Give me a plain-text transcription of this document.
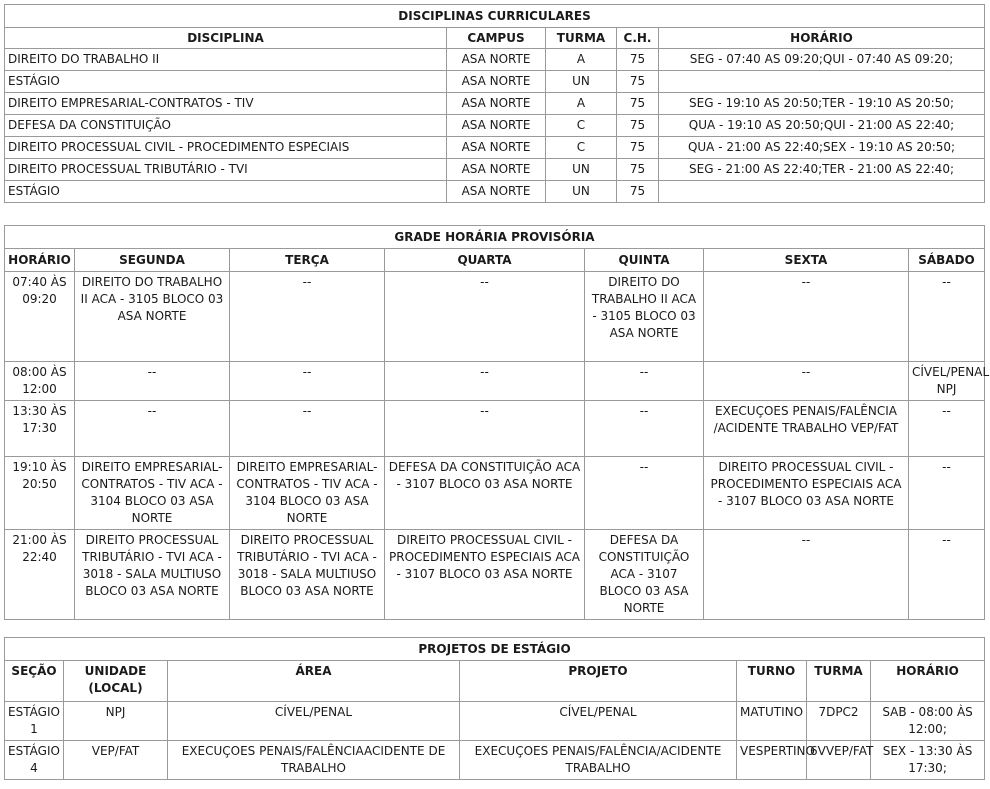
DISCIPLINAS CURRICULARES				
DISCIPLINA	CAMPUS	TURMA	C.H.	HORÁRIO
DIREITO DO TRABALHO II	ASA NORTE	A	75	SEG - 07:40 AS 09:20;QUI - 07:40 AS 09:20;
ESTÁGIO	ASA NORTE	UN	75	
DIREITO EMPRESARIAL-CONTRATOS - TIV	ASA NORTE	A	75	SEG - 19:10 AS 20:50;TER - 19:10 AS 20:50;
DEFESA DA CONSTITUIÇÃO	ASA NORTE	C	75	QUA - 19:10 AS 20:50;QUI - 21:00 AS 22:40;
DIREITO PROCESSUAL CIVIL - PROCEDIMENTO ESPECIAIS	ASA NORTE	C	75	QUA - 21:00 AS 22:40;SEX - 19:10 AS 20:50;
DIREITO PROCESSUAL TRIBUTÁRIO - TVI	ASA NORTE	UN	75	SEG - 21:00 AS 22:40;TER - 21:00 AS 22:40;
ESTÁGIO	ASA NORTE	UN	75	
GRADE HORÁRIA PROVISÓRIA						
HORÁRIO	SEGUNDA	TERÇA	QUARTA	QUINTA	SEXTA	SÁBADO
07:40 ÀS 09:20	DIREITO DO TRABALHO II ACA - 3105 BLOCO 03 ASA NORTE	--	--	DIREITO DO TRABALHO II ACA - 3105 BLOCO 03 ASA NORTE	--	--
08:00 ÀS 12:00	--	--	--	--	--	CÍVEL/PENAL NPJ
13:30 ÀS 17:30	--	--	--	--	EXECUÇOES PENAIS/FALÊNCIA /ACIDENTE TRABALHO VEP/FAT	--
19:10 ÀS 20:50	DIREITO EMPRESARIAL-CONTRATOS - TIV ACA - 3104 BLOCO 03 ASA NORTE	DIREITO EMPRESARIAL-CONTRATOS - TIV ACA - 3104 BLOCO 03 ASA NORTE	DEFESA DA CONSTITUIÇÃO ACA - 3107 BLOCO 03 ASA NORTE	--	DIREITO PROCESSUAL CIVIL - PROCEDIMENTO ESPECIAIS ACA - 3107 BLOCO 03 ASA NORTE	--
21:00 ÀS 22:40	DIREITO PROCESSUAL TRIBUTÁRIO - TVI ACA - 3018 - SALA MULTIUSO BLOCO 03 ASA NORTE	DIREITO PROCESSUAL TRIBUTÁRIO - TVI ACA - 3018 - SALA MULTIUSO BLOCO 03 ASA NORTE	DIREITO PROCESSUAL CIVIL - PROCEDIMENTO ESPECIAIS ACA - 3107 BLOCO 03 ASA NORTE	DEFESA DA CONSTITUIÇÃO ACA - 3107 BLOCO 03 ASA NORTE	--	--
PROJETOS DE ESTÁGIO						
SEÇÃO	UNIDADE (LOCAL)	ÁREA	PROJETO	TURNO	TURMA	HORÁRIO
ESTÁGIO 1	NPJ	CÍVEL/PENAL	CÍVEL/PENAL	MATUTINO	7DPC2	SAB - 08:00 ÀS 12:00;
ESTÁGIO 4	VEP/FAT	EXECUÇOES PENAIS/FALÊNCIAACIDENTE DE TRABALHO	EXECUÇOES PENAIS/FALÊNCIA/ACIDENTE TRABALHO	VESPERTINO	6VVEP/FAT	SEX - 13:30 ÀS 17:30;
